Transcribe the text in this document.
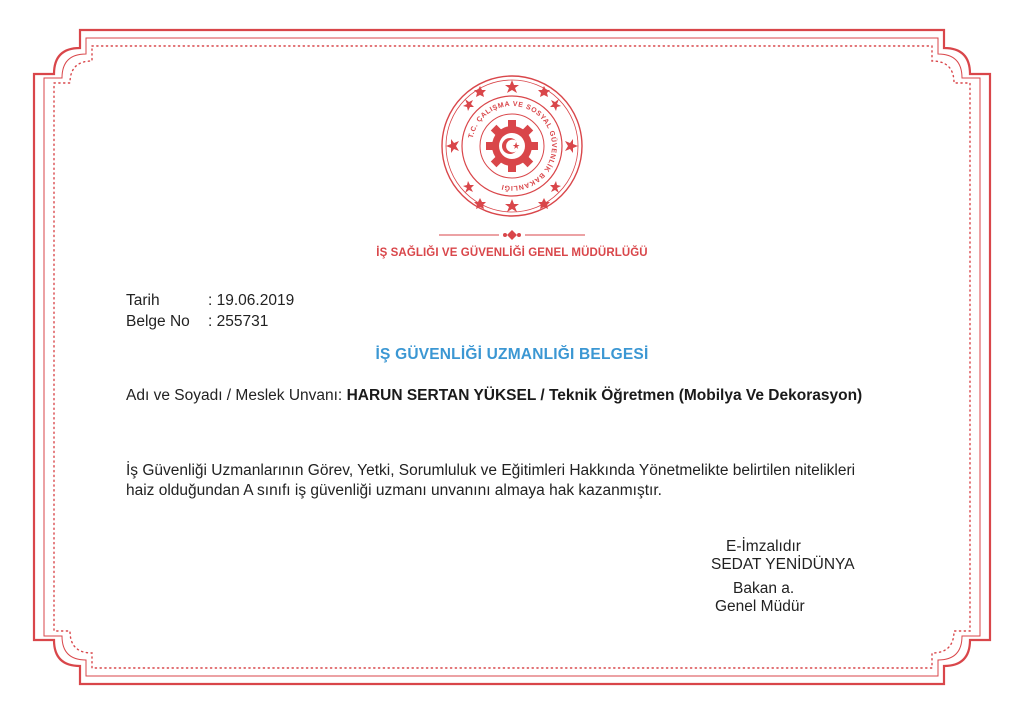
T.C. ÇALIŞMA VE SOSYAL GÜVENLİK BAKANLIĞI
İŞ SAĞLIĞI VE GÜVENLİĞİ GENEL MÜDÜRLÜĞÜ
Tarih	: 19.06.2019
Belge No : 255731
İŞ GÜVENLİĞİ UZMANLIĞI BELGESİ
Adı ve Soyadı / Meslek Unvanı: HARUN SERTAN YÜKSEL / Teknik Öğretmen (Mobilya Ve Dekorasyon)
İş Güvenliği Uzmanlarının Görev, Yetki, Sorumluluk ve Eğitimleri Hakkında Yönetmelikte belirtilen nitelikleri haiz olduğundan A sınıfı iş güvenliği uzmanı unvanını almaya hak kazanmıştır.
E-İmzalıdır
SEDAT YENİDÜNYA
Bakan a.
Genel Müdür
